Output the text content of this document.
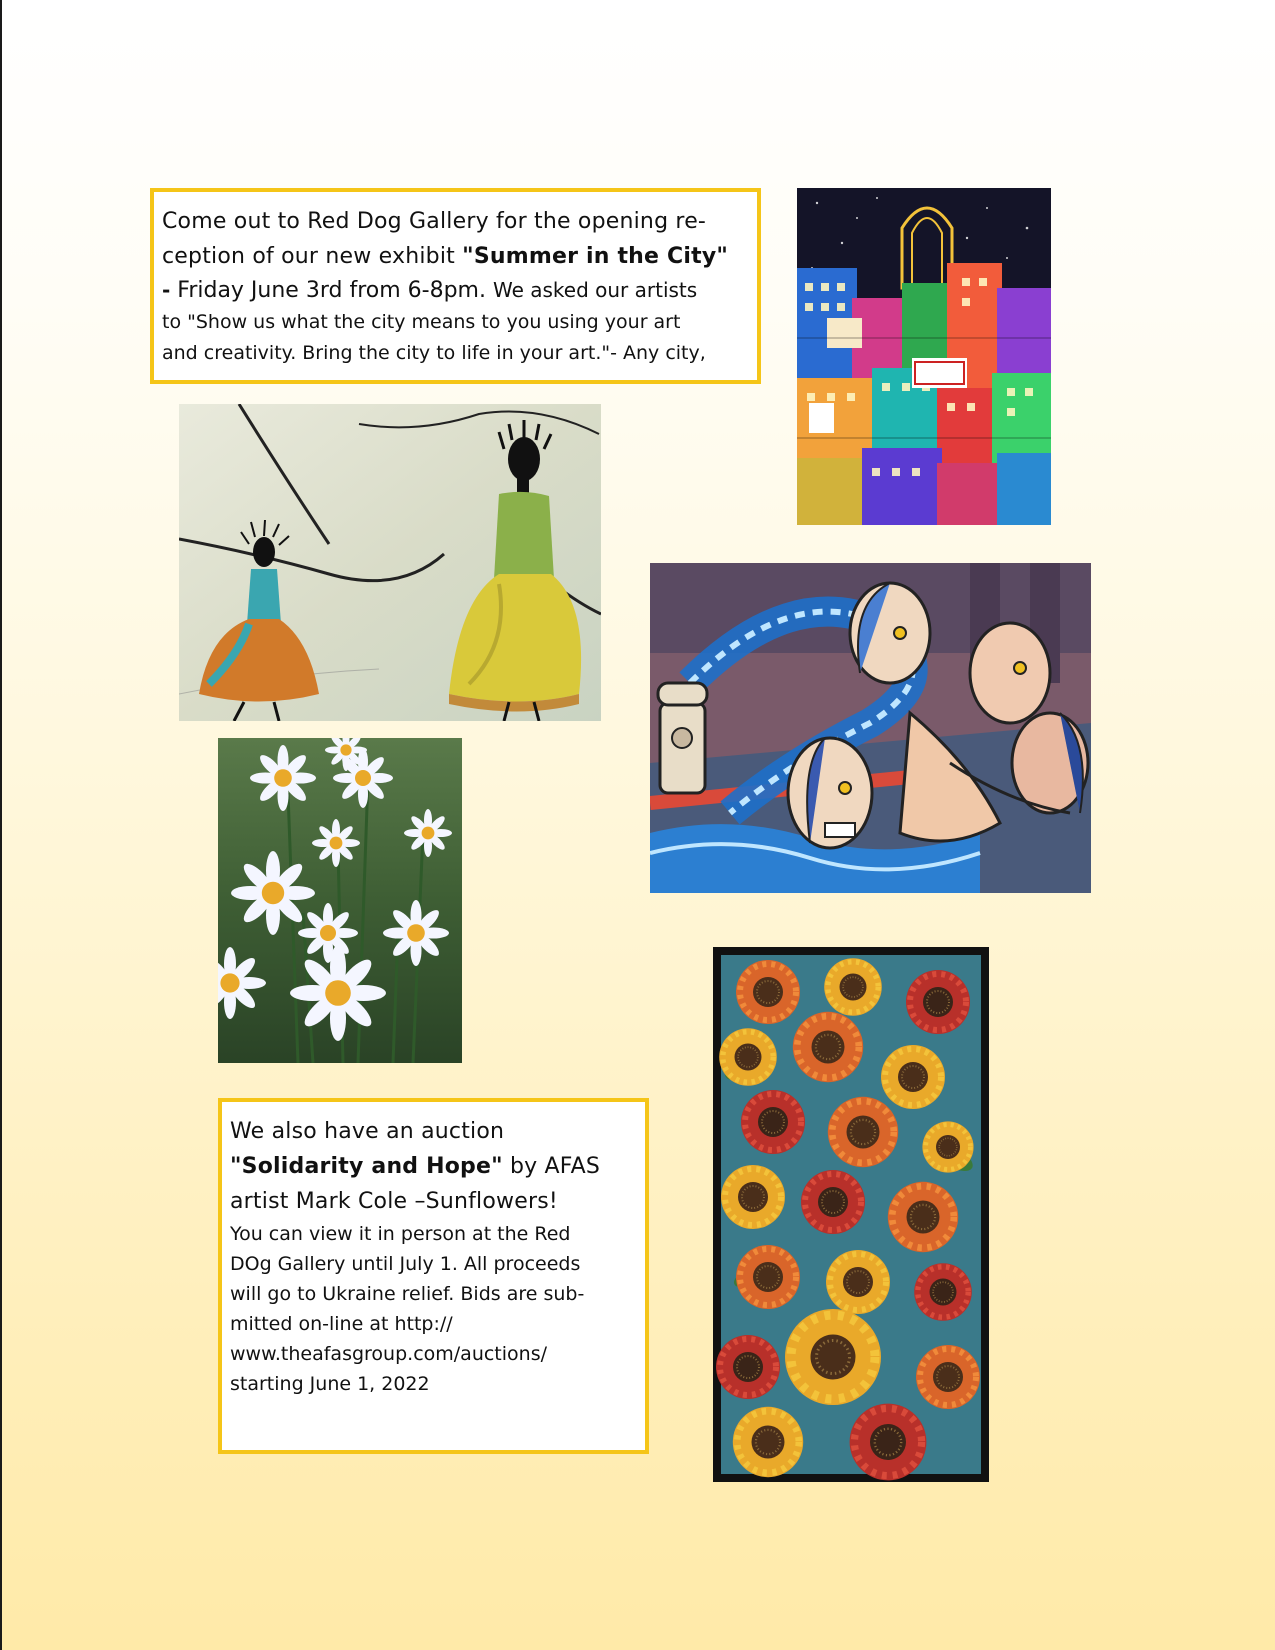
Come out to Red Dog Gallery for the opening re-
ception of our new exhibit "Summer in the City"
- Friday June 3rd from 6-8pm. We asked our artists
to "Show us what the city means to you using your art
and creativity. Bring the city to life in your art."- Any city,
We also have an auction
"Solidarity and Hope" by AFAS
artist Mark Cole –Sunflowers!
You can view it in person at the Red
DOg Gallery until July 1. All proceeds
will go to Ukraine relief. Bids are sub-
mitted on-line at http://
www.theafasgroup.com/auctions/
starting June 1, 2022
